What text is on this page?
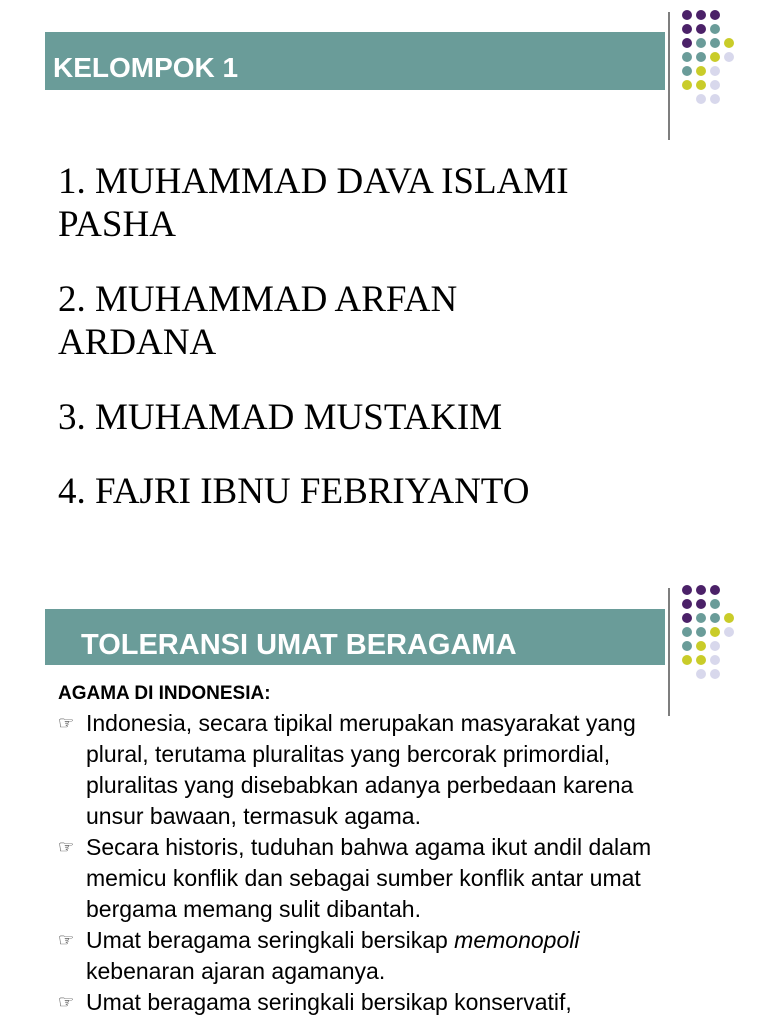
KELOMPOK 1
1. MUHAMMAD DAVA ISLAMI
PASHA
2. MUHAMMAD ARFAN
ARDANA
3. MUHAMAD MUSTAKIM
4. FAJRI IBNU FEBRIYANTO
TOLERANSI UMAT BERAGAMA
AGAMA DI INDONESIA:
☞ Indonesia, secara tipikal merupakan masyarakat yang plural, terutama pluralitas yang bercorak primordial, pluralitas yang disebabkan adanya perbedaan karena unsur bawaan, termasuk agama.
☞ Secara historis, tuduhan bahwa agama ikut andil dalam memicu konflik dan sebagai sumber konflik antar umat bergama memang sulit dibantah.
☞ Umat beragama seringkali bersikap memonopoli kebenaran ajaran agamanya.
☞ Umat beragama seringkali bersikap konservatif,
